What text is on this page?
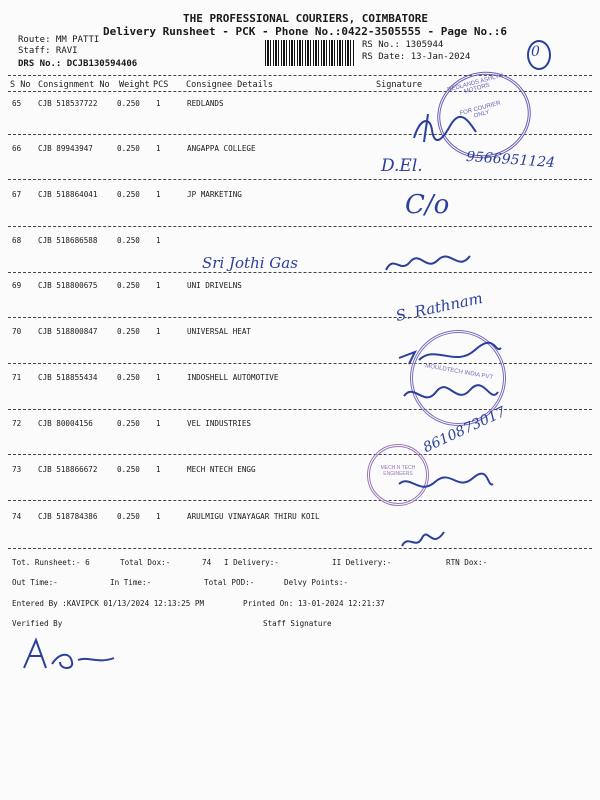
THE PROFESSIONAL COURIERS, COIMBATORE
Delivery Runsheet - PCK - Phone No.:0422-3505555 - Page No.:6
Route: MM PATTI
Staff: RAVI
DRS No.: DCJB130594406
RS No.: 1305944
RS Date: 13-Jan-2024
S No Consignment No Weight PCS Consignee Details	Signature
65 CJB 518537722	0.250 1	REDLANDS
66 CJB 89943947	0.250 1	ANGAPPA COLLEGE
67 CJB 518864041	0.250 1	JP MARKETING
68 CJB 518686588	0.250 1
69 CJB 518800675	0.250 1	UNI DRIVELNS
70 CJB 518800847	0.250 1	UNIVERSAL HEAT
71 CJB 518855434	0.250 1	INDOSHELL AUTOMOTIVE
72 CJB 80004156	0.250 1	VEL INDUSTRIES
73 CJB 518866672	0.250 1	MECH NTECH ENGG
74 CJB 518784386	0.250 1	ARULMIGU VINAYAGAR THIRU KOIL
Tot. Runsheet:- 6	Total Dox:-	74 I Delivery:-	II Delivery:-	RTN Dox:-
Out Time:-	In Time:-	Total POD:-	Delvy Points:-
Entered By :KAVIPCK 01/13/2024 12:13:25 PM	Printed On: 13-01-2024 12:21:37
Verified By	Staff Signature
REDLANDS ASHLYN MOTORS
FOR COURIER ONLY
MOULDTECH INDIA PVT
MECH N TECH ENGINEERS
0
D.El.	9566951124
C/o
Sri Jothi Gas
S. Rathnam
8610873017
